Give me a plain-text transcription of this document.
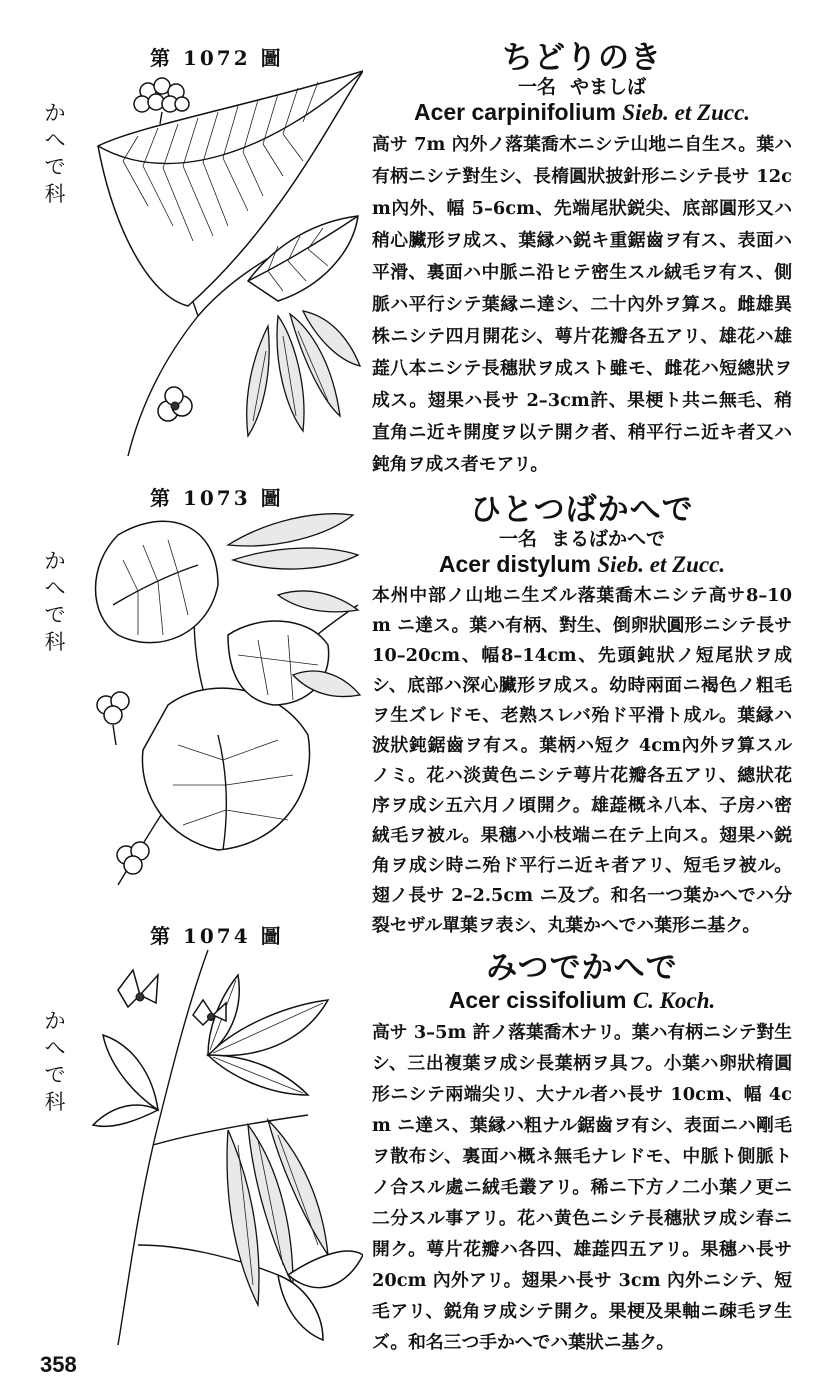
第 1072 圖
か
へ
で
科
ちどりのき
一名 やましば
Acer carpinifolium Sieb. et Zucc.
高サ 7m 內外ノ落葉喬木ニシテ山地ニ自生ス。葉ハ有柄ニシテ對生シ、長楕圓狀披針形ニシテ長サ 12cm內外、幅 5–6cm、先端尾狀鋭尖、底部圓形又ハ稍心臟形ヲ成ス、葉縁ハ鋭キ重鋸齒ヲ有ス、表面ハ平滑、裏面ハ中脈ニ沿ヒテ密生スル絨毛ヲ有ス、側脈ハ平行シテ葉縁ニ達シ、二十內外ヲ算ス。雌雄異株ニシテ四月開花シ、萼片花瓣各五アリ、雄花ハ雄蕋八本ニシテ長穗狀ヲ成スト雖モ、雌花ハ短總狀ヲ成ス。翅果ハ長サ 2–3cm許、果梗ト共ニ無毛、稍直角ニ近キ開度ヲ以テ開ク者、稍平行ニ近キ者又ハ鈍角ヲ成ス者モアリ。
第 1073 圖
か
へ
で
科
ひとつばかへで
一名 まるばかへで
Acer distylum Sieb. et Zucc.
本州中部ノ山地ニ生ズル落葉喬木ニシテ高サ8–10m ニ達ス。葉ハ有柄、對生、倒卵狀圓形ニシテ長サ10–20cm、幅8–14cm、先頭鈍狀ノ短尾狀ヲ成シ、底部ハ深心臟形ヲ成ス。幼時兩面ニ褐色ノ粗毛ヲ生ズレドモ、老熟スレバ殆ド平滑ト成ル。葉縁ハ波狀鈍鋸齒ヲ有ス。葉柄ハ短ク 4cm內外ヲ算スルノミ。花ハ淡黄色ニシテ萼片花瓣各五アリ、總狀花序ヲ成シ五六月ノ頃開ク。雄蕋概ネ八本、子房ハ密絨毛ヲ被ル。果穗ハ小枝端ニ在テ上向ス。翅果ハ鋭角ヲ成シ時ニ殆ド平行ニ近キ者アリ、短毛ヲ被ル。翅ノ長サ 2–2.5cm ニ及ブ。和名一つ葉かへでハ分裂セザル單葉ヲ表シ、丸葉かへでハ葉形ニ基ク。
第 1074 圖
か
へ
で
科
みつでかへで
Acer cissifolium C. Koch.
高サ 3–5m 許ノ落葉喬木ナリ。葉ハ有柄ニシテ對生シ、三出複葉ヲ成シ長葉柄ヲ具フ。小葉ハ卵狀楕圓形ニシテ兩端尖リ、大ナル者ハ長サ 10cm、幅 4cm ニ達ス、葉縁ハ粗ナル鋸齒ヲ有シ、表面ニハ剛毛ヲ散布シ、裏面ハ概ネ無毛ナレドモ、中脈ト側脈トノ合スル處ニ絨毛叢アリ。稀ニ下方ノ二小葉ノ更ニ二分スル事アリ。花ハ黄色ニシテ長穗狀ヲ成シ春ニ開ク。萼片花瓣ハ各四、雄蕋四五アリ。果穗ハ長サ 20cm 內外アリ。翅果ハ長サ 3cm 內外ニシテ、短毛アリ、鋭角ヲ成シテ開ク。果梗及果軸ニ疎毛ヲ生ズ。和名三つ手かへでハ葉狀ニ基ク。
358
